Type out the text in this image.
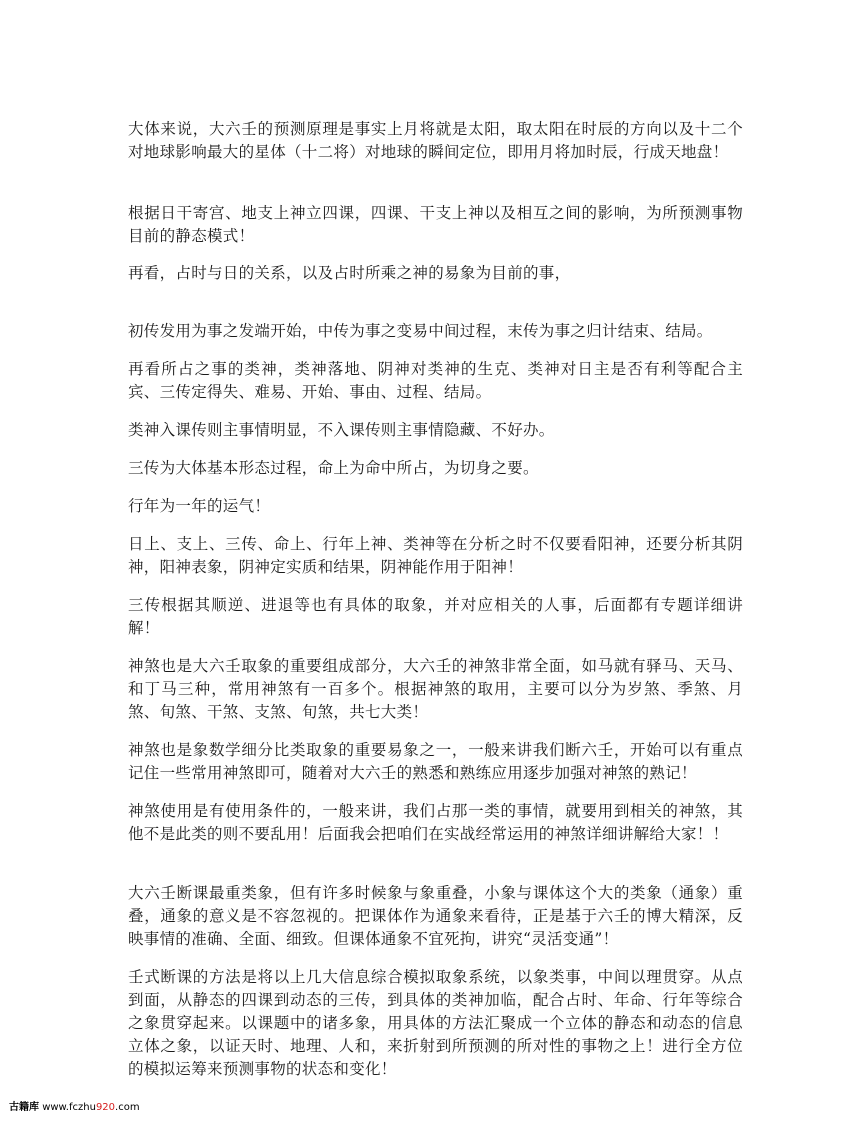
大体来说，大六壬的预测原理是事实上月将就是太阳，取太阳在时辰的方向以及十二个对地球影响最大的星体（十二将）对地球的瞬间定位，即用月将加时辰，行成天地盘！

根据日干寄宫、地支上神立四课，四课、干支上神以及相互之间的影响，为所预测事物目前的静态模式！

再看，占时与日的关系，以及占时所乘之神的易象为目前的事，

初传发用为事之发端开始，中传为事之变易中间过程，末传为事之归计结束、结局。

再看所占之事的类神，类神落地、阴神对类神的生克、类神对日主是否有利等配合主宾、三传定得失、难易、开始、事由、过程、结局。

类神入课传则主事情明显，不入课传则主事情隐藏、不好办。

三传为大体基本形态过程，命上为命中所占，为切身之要。

行年为一年的运气！

日上、支上、三传、命上、行年上神、类神等在分析之时不仅要看阳神，还要分析其阴神，阳神表象，阴神定实质和结果，阴神能作用于阳神！

三传根据其顺逆、进退等也有具体的取象，并对应相关的人事，后面都有专题详细讲解！

神煞也是大六壬取象的重要组成部分，大六壬的神煞非常全面，如马就有驿马、天马、和丁马三种，常用神煞有一百多个。根据神煞的取用，主要可以分为岁煞、季煞、月煞、旬煞、干煞、支煞、旬煞，共七大类！

神煞也是象数学细分比类取象的重要易象之一，一般来讲我们断六壬，开始可以有重点记住一些常用神煞即可，随着对大六壬的熟悉和熟练应用逐步加强对神煞的熟记！

神煞使用是有使用条件的，一般来讲，我们占那一类的事情，就要用到相关的神煞，其他不是此类的则不要乱用！后面我会把咱们在实战经常运用的神煞详细讲解给大家！！

大六壬断课最重类象，但有许多时候象与象重叠，小象与课体这个大的类象（通象）重叠，通象的意义是不容忽视的。把课体作为通象来看待，正是基于六壬的博大精深，反映事情的准确、全面、细致。但课体通象不宜死拘，讲究“灵活变通”！

壬式断课的方法是将以上几大信息综合模拟取象系统，以象类事，中间以理贯穿。从点到面，从静态的四课到动态的三传，到具体的类神加临，配合占时、年命、行年等综合之象贯穿起来。以课题中的诸多象，用具体的方法汇聚成一个立体的静态和动态的信息立体之象，以证天时、地理、人和，来折射到所预测的所对性的事物之上！进行全方位的模拟运筹来预测事物的状态和变化！

古籍库 www.fczhu920.com
